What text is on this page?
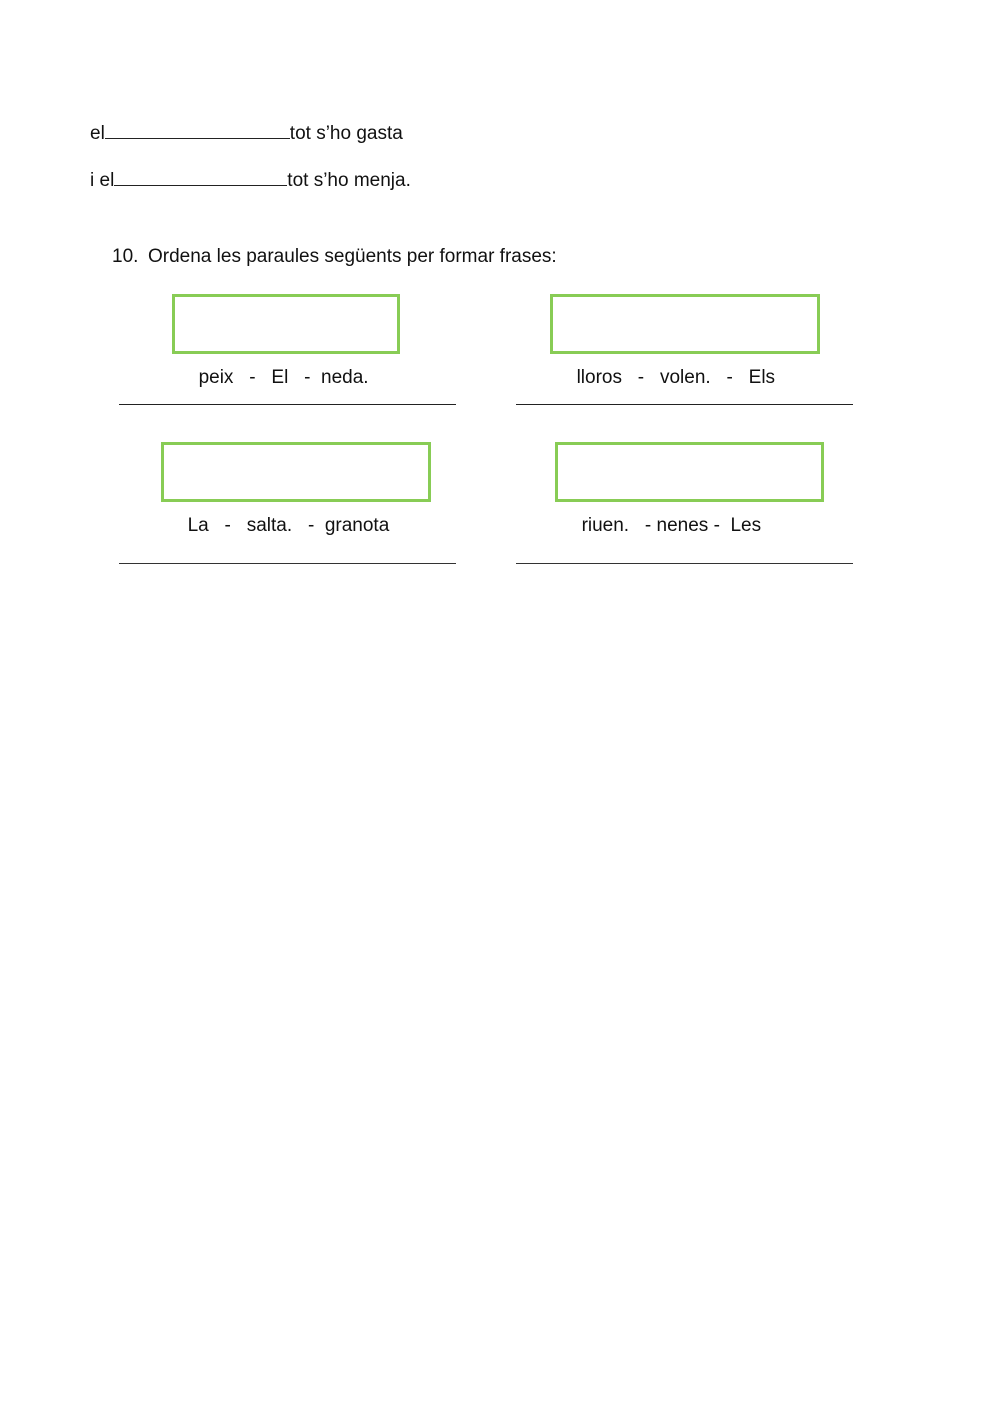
el	tot s’ho gasta
i el	tot s’ho menja.
10. Ordena les paraules següents per formar frases:

peix   -   El   -  neda.	lloros   -   volen.   -   Els

La   -   salta.   -  granota	riuen.   - nenes -  Les
